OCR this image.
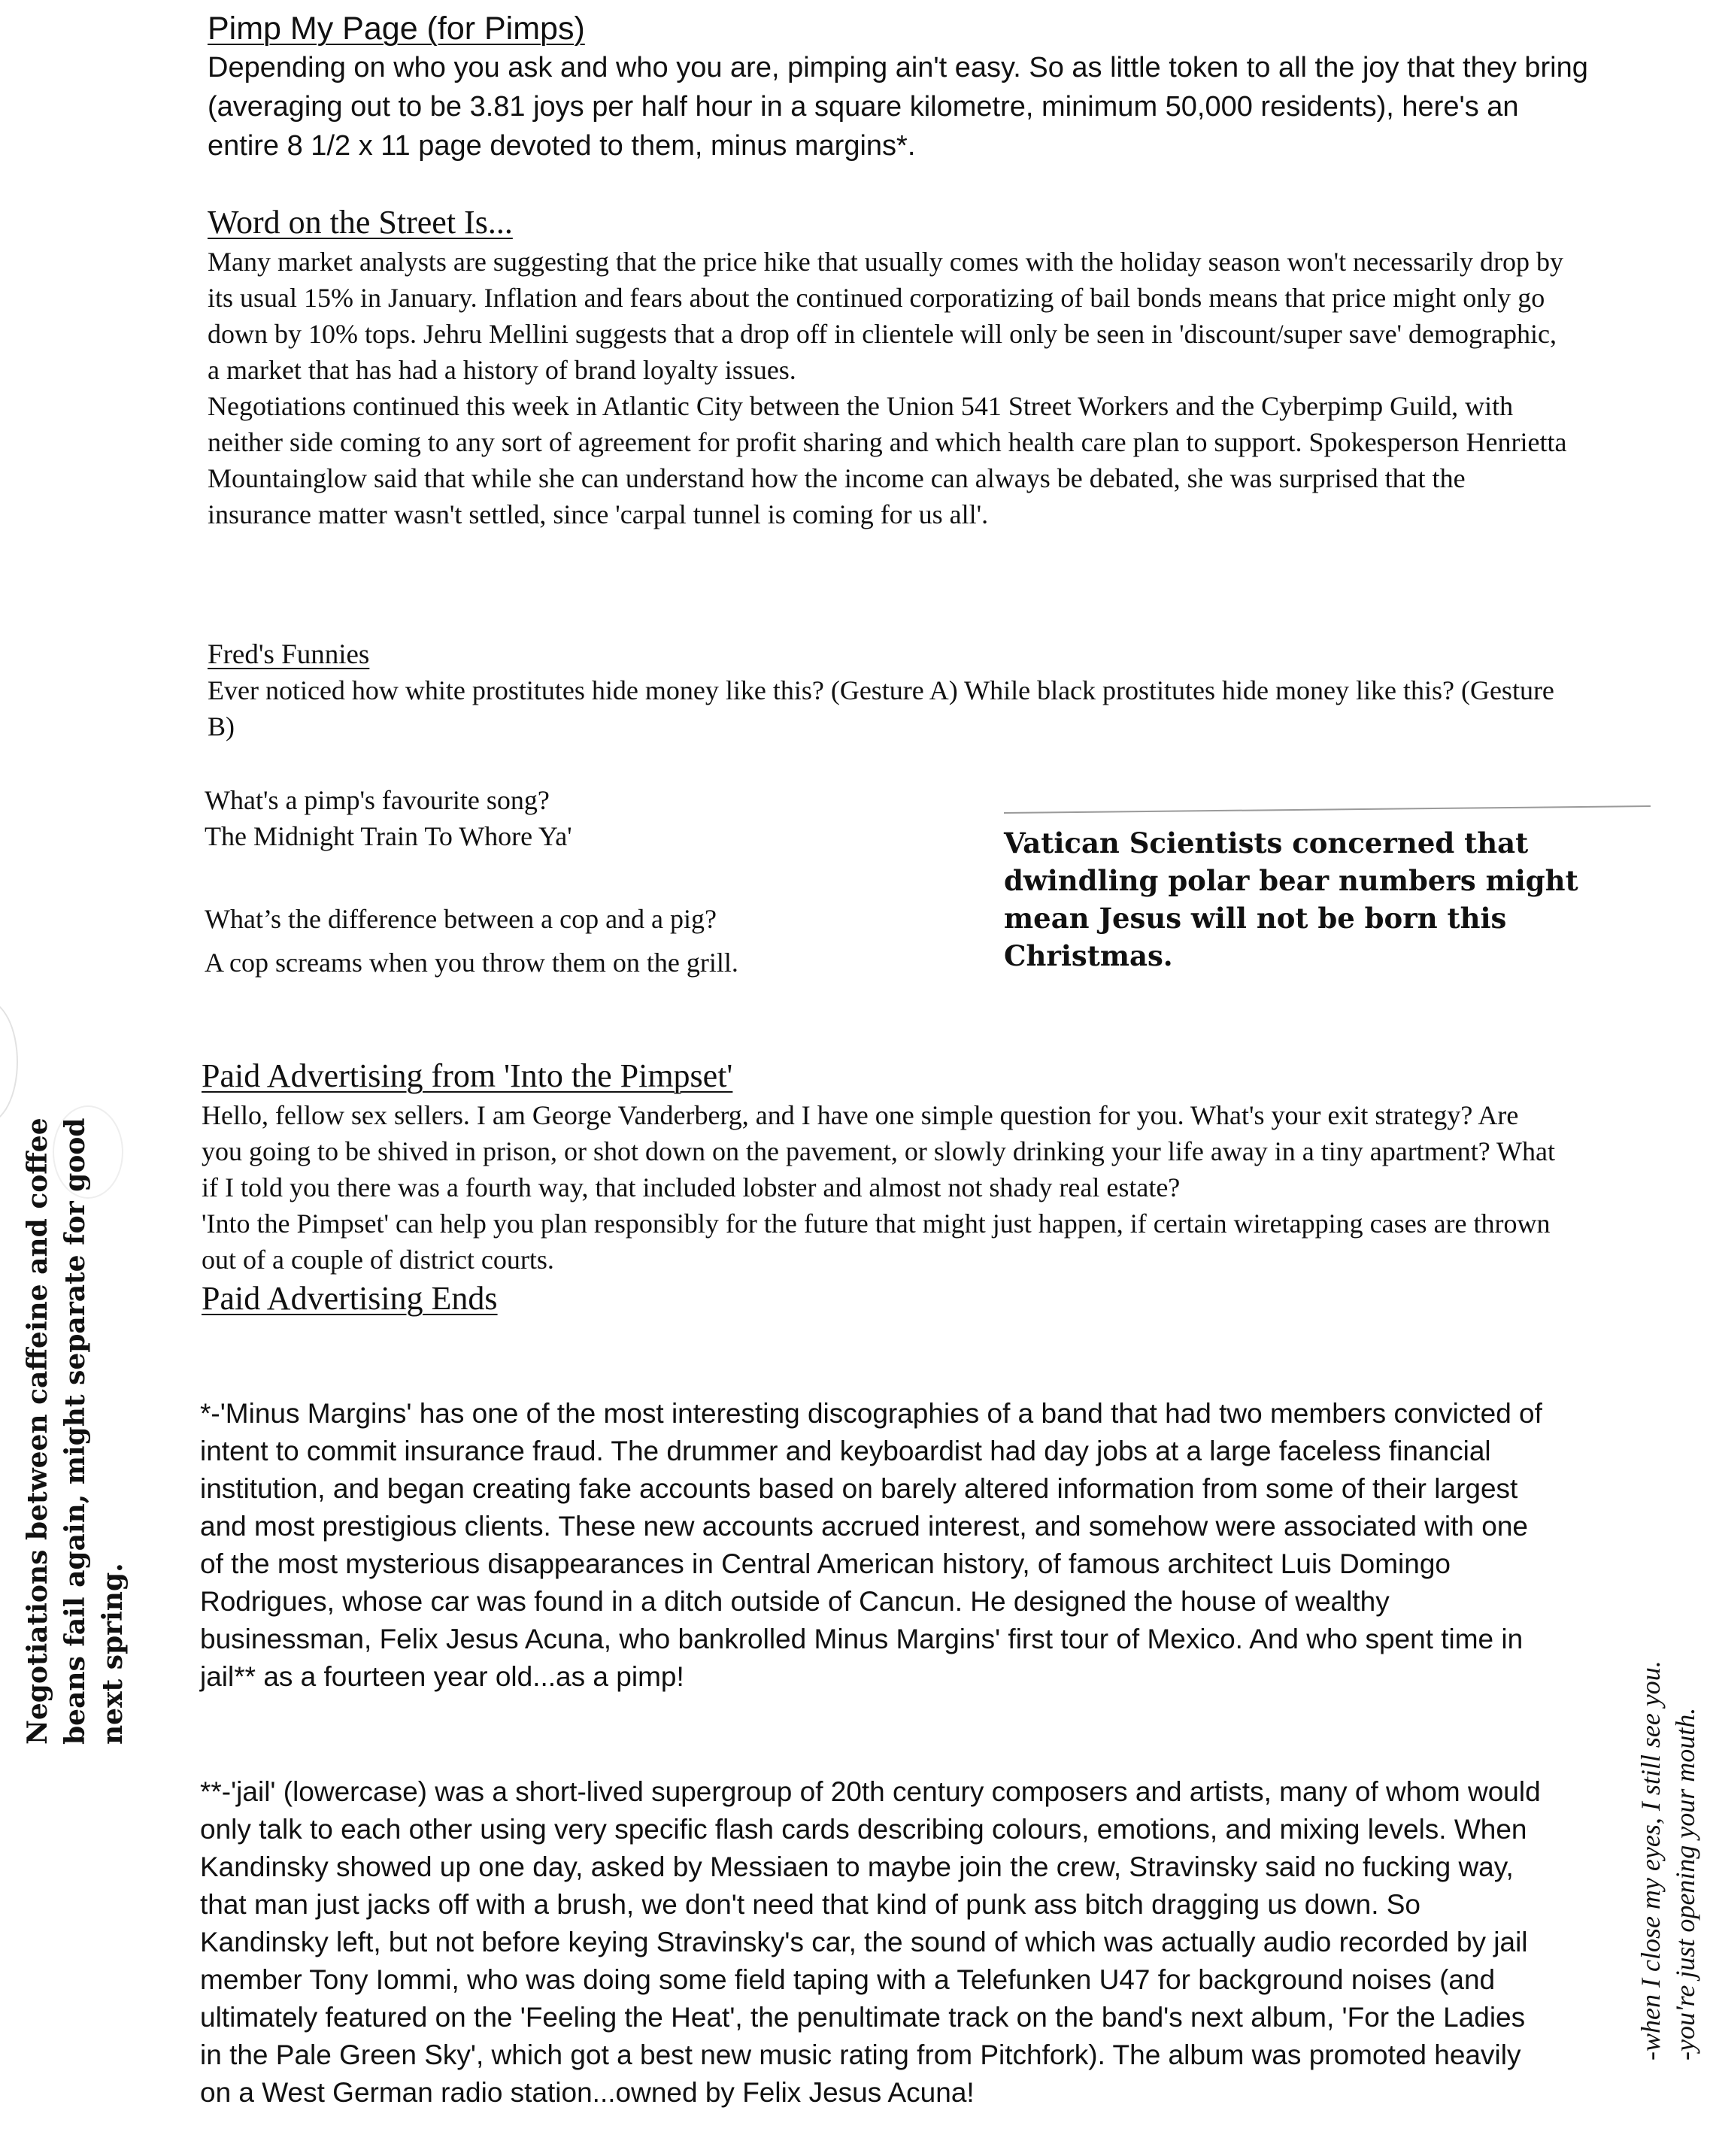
Pimp My Page (for Pimps)

Depending on who you ask and who you are, pimping ain't easy. So as little token to all the joy that they bring (averaging out to be 3.81 joys per half hour in a square kilometre, minimum 50,000 residents), here's an entire 8 1/2 x 11 page devoted to them, minus margins*.

Word on the Street Is...

Many market analysts are suggesting that the price hike that usually comes with the holiday season won't necessarily drop by its usual 15% in January. Inflation and fears about the continued corporatizing of bail bonds means that price might only go down by 10% tops. Jehru Mellini suggests that a drop off in clientele will only be seen in 'discount/super save' demographic, a market that has had a history of brand loyalty issues.

Negotiations continued this week in Atlantic City between the Union 541 Street Workers and the Cyberpimp Guild, with neither side coming to any sort of agreement for profit sharing and which health care plan to support. Spokesperson Henrietta Mountainglow said that while she can understand how the income can always be debated, she was surprised that the insurance matter wasn't settled, since 'carpal tunnel is coming for us all'.

Fred's Funnies

Ever noticed how white prostitutes hide money like this? (Gesture A) While black prostitutes hide money like this? (Gesture B)

What's a pimp's favourite song?

The Midnight Train To Whore Ya'

What’s the difference between a cop and a pig?

A cop screams when you throw them on the grill.

Vatican Scientists concerned that dwindling polar bear numbers might mean Jesus will not be born this Christmas.

Paid Advertising from 'Into the Pimpset'

Hello, fellow sex sellers. I am George Vanderberg, and I have one simple question for you. What's your exit strategy? Are you going to be shived in prison, or shot down on the pavement, or slowly drinking your life away in a tiny apartment? What if I told you there was a fourth way, that included lobster and almost not shady real estate?

'Into the Pimpset' can help you plan responsibly for the future that might just happen, if certain wiretapping cases are thrown out of a couple of district courts.

Paid Advertising Ends

*-'Minus Margins' has one of the most interesting discographies of a band that had two members convicted of intent to commit insurance fraud. The drummer and keyboardist had day jobs at a large faceless financial institution, and began creating fake accounts based on barely altered information from some of their largest and most prestigious clients. These new accounts accrued interest, and somehow were associated with one of the most mysterious disappearances in Central American history, of famous architect Luis Domingo Rodrigues, whose car was found in a ditch outside of Cancun. He designed the house of wealthy businessman, Felix Jesus Acuna, who bankrolled Minus Margins' first tour of Mexico. And who spent time in jail** as a fourteen year old...as a pimp!

**-'jail' (lowercase) was a short-lived supergroup of 20th century composers and artists, many of whom would only talk to each other using very specific flash cards describing colours, emotions, and mixing levels. When Kandinsky showed up one day, asked by Messiaen to maybe join the crew, Stravinsky said no fucking way, that man just jacks off with a brush, we don't need that kind of punk ass bitch dragging us down. So Kandinsky left, but not before keying Stravinsky's car, the sound of which was actually audio recorded by jail member Tony Iommi, who was doing some field taping with a Telefunken U47 for background noises (and ultimately featured on the 'Feeling the Heat', the penultimate track on the band's next album, 'For the Ladies in the Pale Green Sky', which got a best new music rating from Pitchfork). The album was promoted heavily on a West German radio station...owned by Felix Jesus Acuna!

Negotiations between caffeine and coffee beans fail again, might separate for good next spring.

-when I close my eyes, I still see you. -you're just opening your mouth.
